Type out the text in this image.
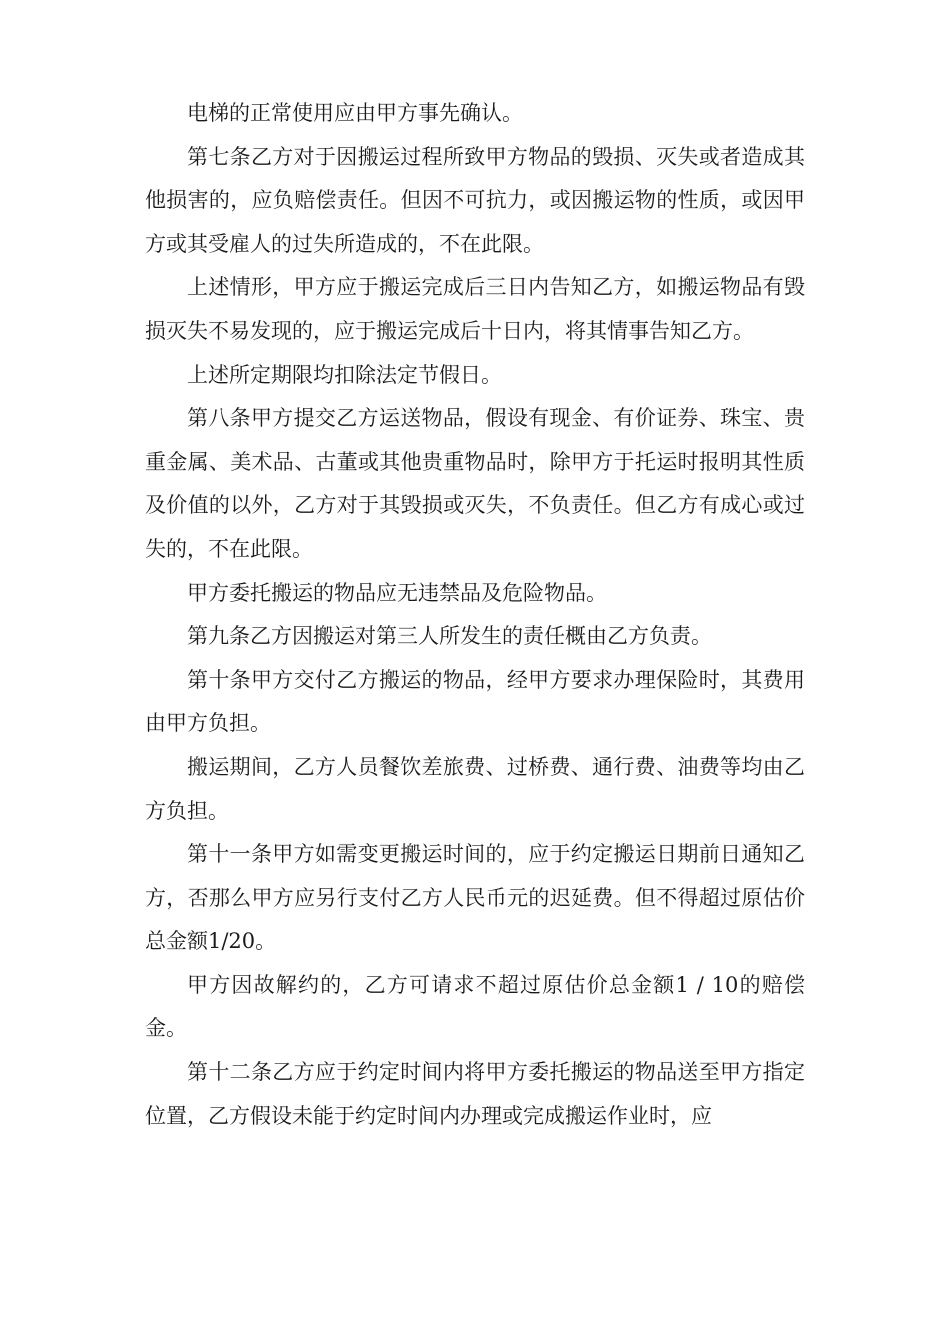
电梯的正常使用应由甲方事先确认。

第七条乙方对于因搬运过程所致甲方物品的毁损、灭失或者造成其他损害的，应负赔偿责任。但因不可抗力，或因搬运物的性质，或因甲方或其受雇人的过失所造成的，不在此限。

上述情形，甲方应于搬运完成后三日内告知乙方，如搬运物品有毁损灭失不易发现的，应于搬运完成后十日内，将其情事告知乙方。

上述所定期限均扣除法定节假日。

第八条甲方提交乙方运送物品，假设有现金、有价证券、珠宝、贵重金属、美术品、古董或其他贵重物品时，除甲方于托运时报明其性质及价值的以外，乙方对于其毁损或灭失，不负责任。但乙方有成心或过失的，不在此限。

甲方委托搬运的物品应无违禁品及危险物品。

第九条乙方因搬运对第三人所发生的责任概由乙方负责。

第十条甲方交付乙方搬运的物品，经甲方要求办理保险时，其费用由甲方负担。

搬运期间，乙方人员餐饮差旅费、过桥费、通行费、油费等均由乙方负担。

第十一条甲方如需变更搬运时间的，应于约定搬运日期前日通知乙方，否那么甲方应另行支付乙方人民币元的迟延费。但不得超过原估价总金额1/20。

甲方因故解约的，乙方可请求不超过原估价总金额1 / 10的赔偿金。

第十二条乙方应于约定时间内将甲方委托搬运的物品送至甲方指定位置，乙方假设未能于约定时间内办理或完成搬运作业时，应
